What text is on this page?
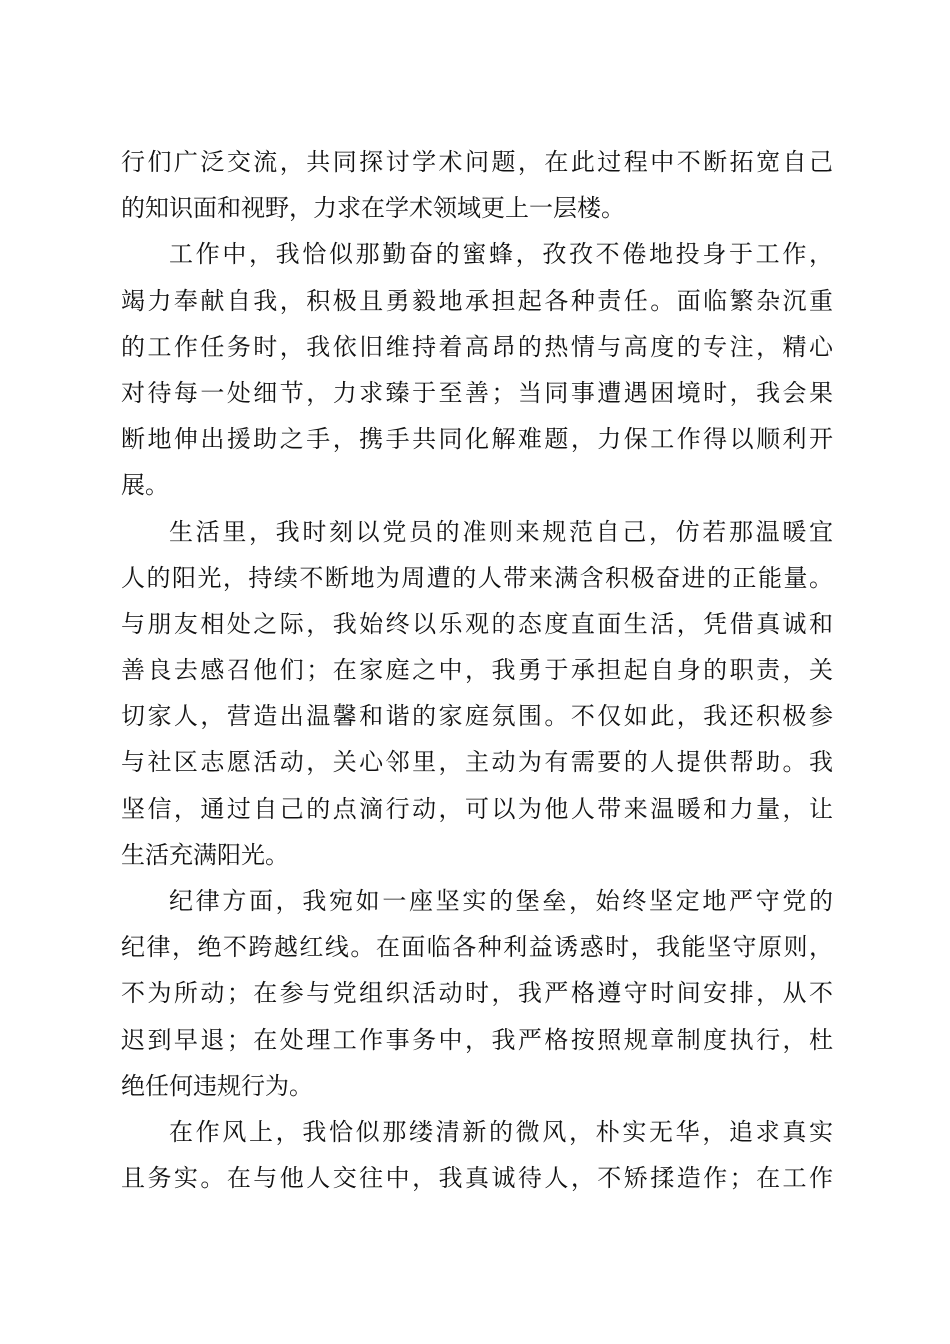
行们广泛交流，共同探讨学术问题，在此过程中不断拓宽自己
的知识面和视野，力求在学术领域更上一层楼。
工作中，我恰似那勤奋的蜜蜂，孜孜不倦地投身于工作，
竭力奉献自我，积极且勇毅地承担起各种责任。面临繁杂沉重
的工作任务时，我依旧维持着高昂的热情与高度的专注，精心
对待每一处细节，力求臻于至善；当同事遭遇困境时，我会果
断地伸出援助之手，携手共同化解难题，力保工作得以顺利开
展。
生活里，我时刻以党员的准则来规范自己，仿若那温暖宜
人的阳光，持续不断地为周遭的人带来满含积极奋进的正能量。
与朋友相处之际，我始终以乐观的态度直面生活，凭借真诚和
善良去感召他们；在家庭之中，我勇于承担起自身的职责，关
切家人，营造出温馨和谐的家庭氛围。不仅如此，我还积极参
与社区志愿活动，关心邻里，主动为有需要的人提供帮助。我
坚信，通过自己的点滴行动，可以为他人带来温暖和力量，让
生活充满阳光。
纪律方面，我宛如一座坚实的堡垒，始终坚定地严守党的
纪律，绝不跨越红线。在面临各种利益诱惑时，我能坚守原则，
不为所动；在参与党组织活动时，我严格遵守时间安排，从不
迟到早退；在处理工作事务中，我严格按照规章制度执行，杜
绝任何违规行为。
在作风上，我恰似那缕清新的微风，朴实无华，追求真实
且务实。在与他人交往中，我真诚待人，不矫揉造作；在工作
